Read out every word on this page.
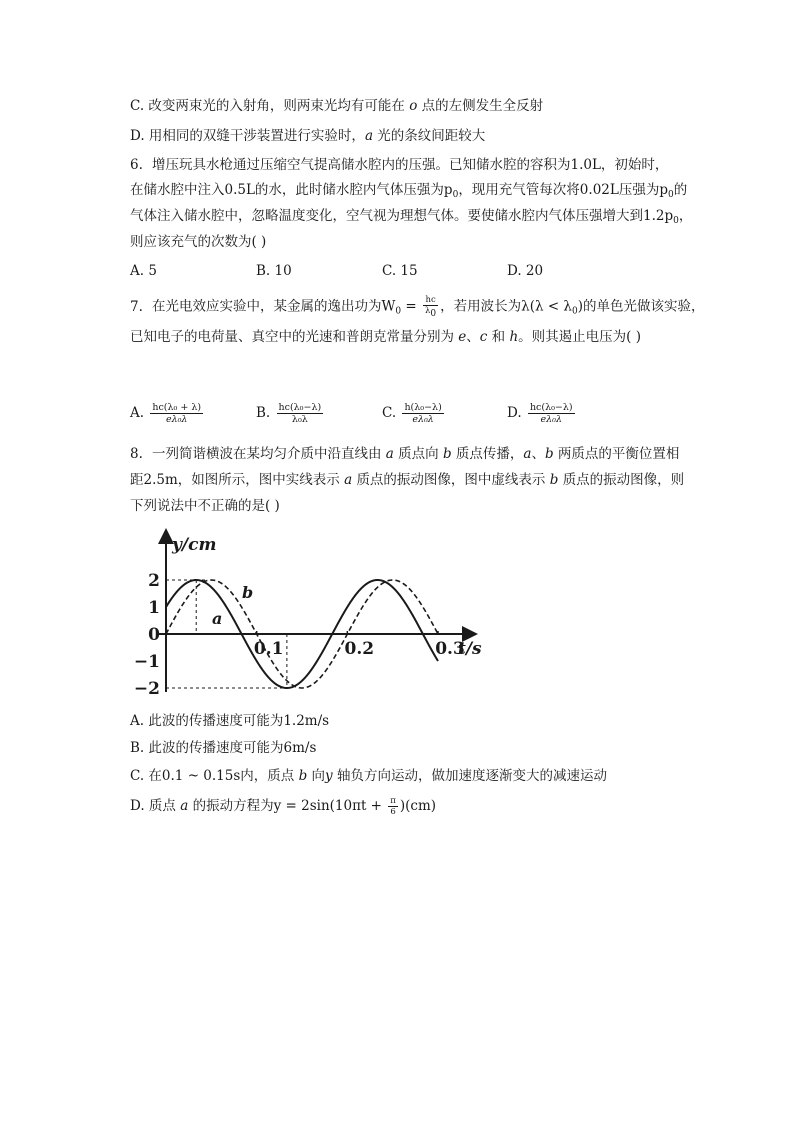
C. 改变两束光的入射角，则两束光均有可能在 o 点的左侧发生全反射
D. 用相同的双缝干涉装置进行实验时，a 光的条纹间距较大
6. 增压玩具水枪通过压缩空气提高储水腔内的压强。已知储水腔的容积为1.0L，初始时，
在储水腔中注入0.5L的水，此时储水腔内气体压强为$p_0$，现用充气管每次将0.02L压强为$p_0$的
气体注入储水腔中，忽略温度变化，空气视为理想气体。要使储水腔内气体压强增大到$1.2p_0$，
则应该充气的次数为( )
A. 5	B. 10	C. 15	D. 20
7. 在光电效应实验中，某金属的逸出功为$W_0 = \frac{hc}{\lambda_0}$ ，若用波长为$\lambda(\lambda < \lambda_0)$的单色光做该实验，
已知电子的电荷量、真空中的光速和普朗克常量分别为 e、c 和 h。则其遏止电压为( )
A. $\frac{\text{hc(λ₀ + λ)}}{\text{eλ₀λ}}$	B. $\frac{\text{hc(λ₀−λ)}}{\text{λ₀λ}}$	C. $\frac{\text{h(λ₀−λ)}}{\text{eλ₀λ}}$	D. $\frac{\text{hc(λ₀−λ)}}{\text{eλ₀λ}}$
8. 一列简谐横波在某均匀介质中沿直线由 a 质点向 b 质点传播，a、b 两质点的平衡位置相
距2.5m，如图所示，图中实线表示 a 质点的振动图像，图中虚线表示 b 质点的振动图像，则
下列说法中不正确的是( )
y/cm
t/s
2
1
0
−1
−2
0.1	0.2	0.3
a
b
A. 此波的传播速度可能为1.2m/s
B. 此波的传播速度可能为6m/s
C. 在0.1 ~ 0.15s内，质点 b 向y 轴负方向运动，做加速度逐渐变大的减速运动
D. 质点 a 的振动方程为$y = 2\sin(10\pi t + \frac{\pi}{6} )(cm)$
